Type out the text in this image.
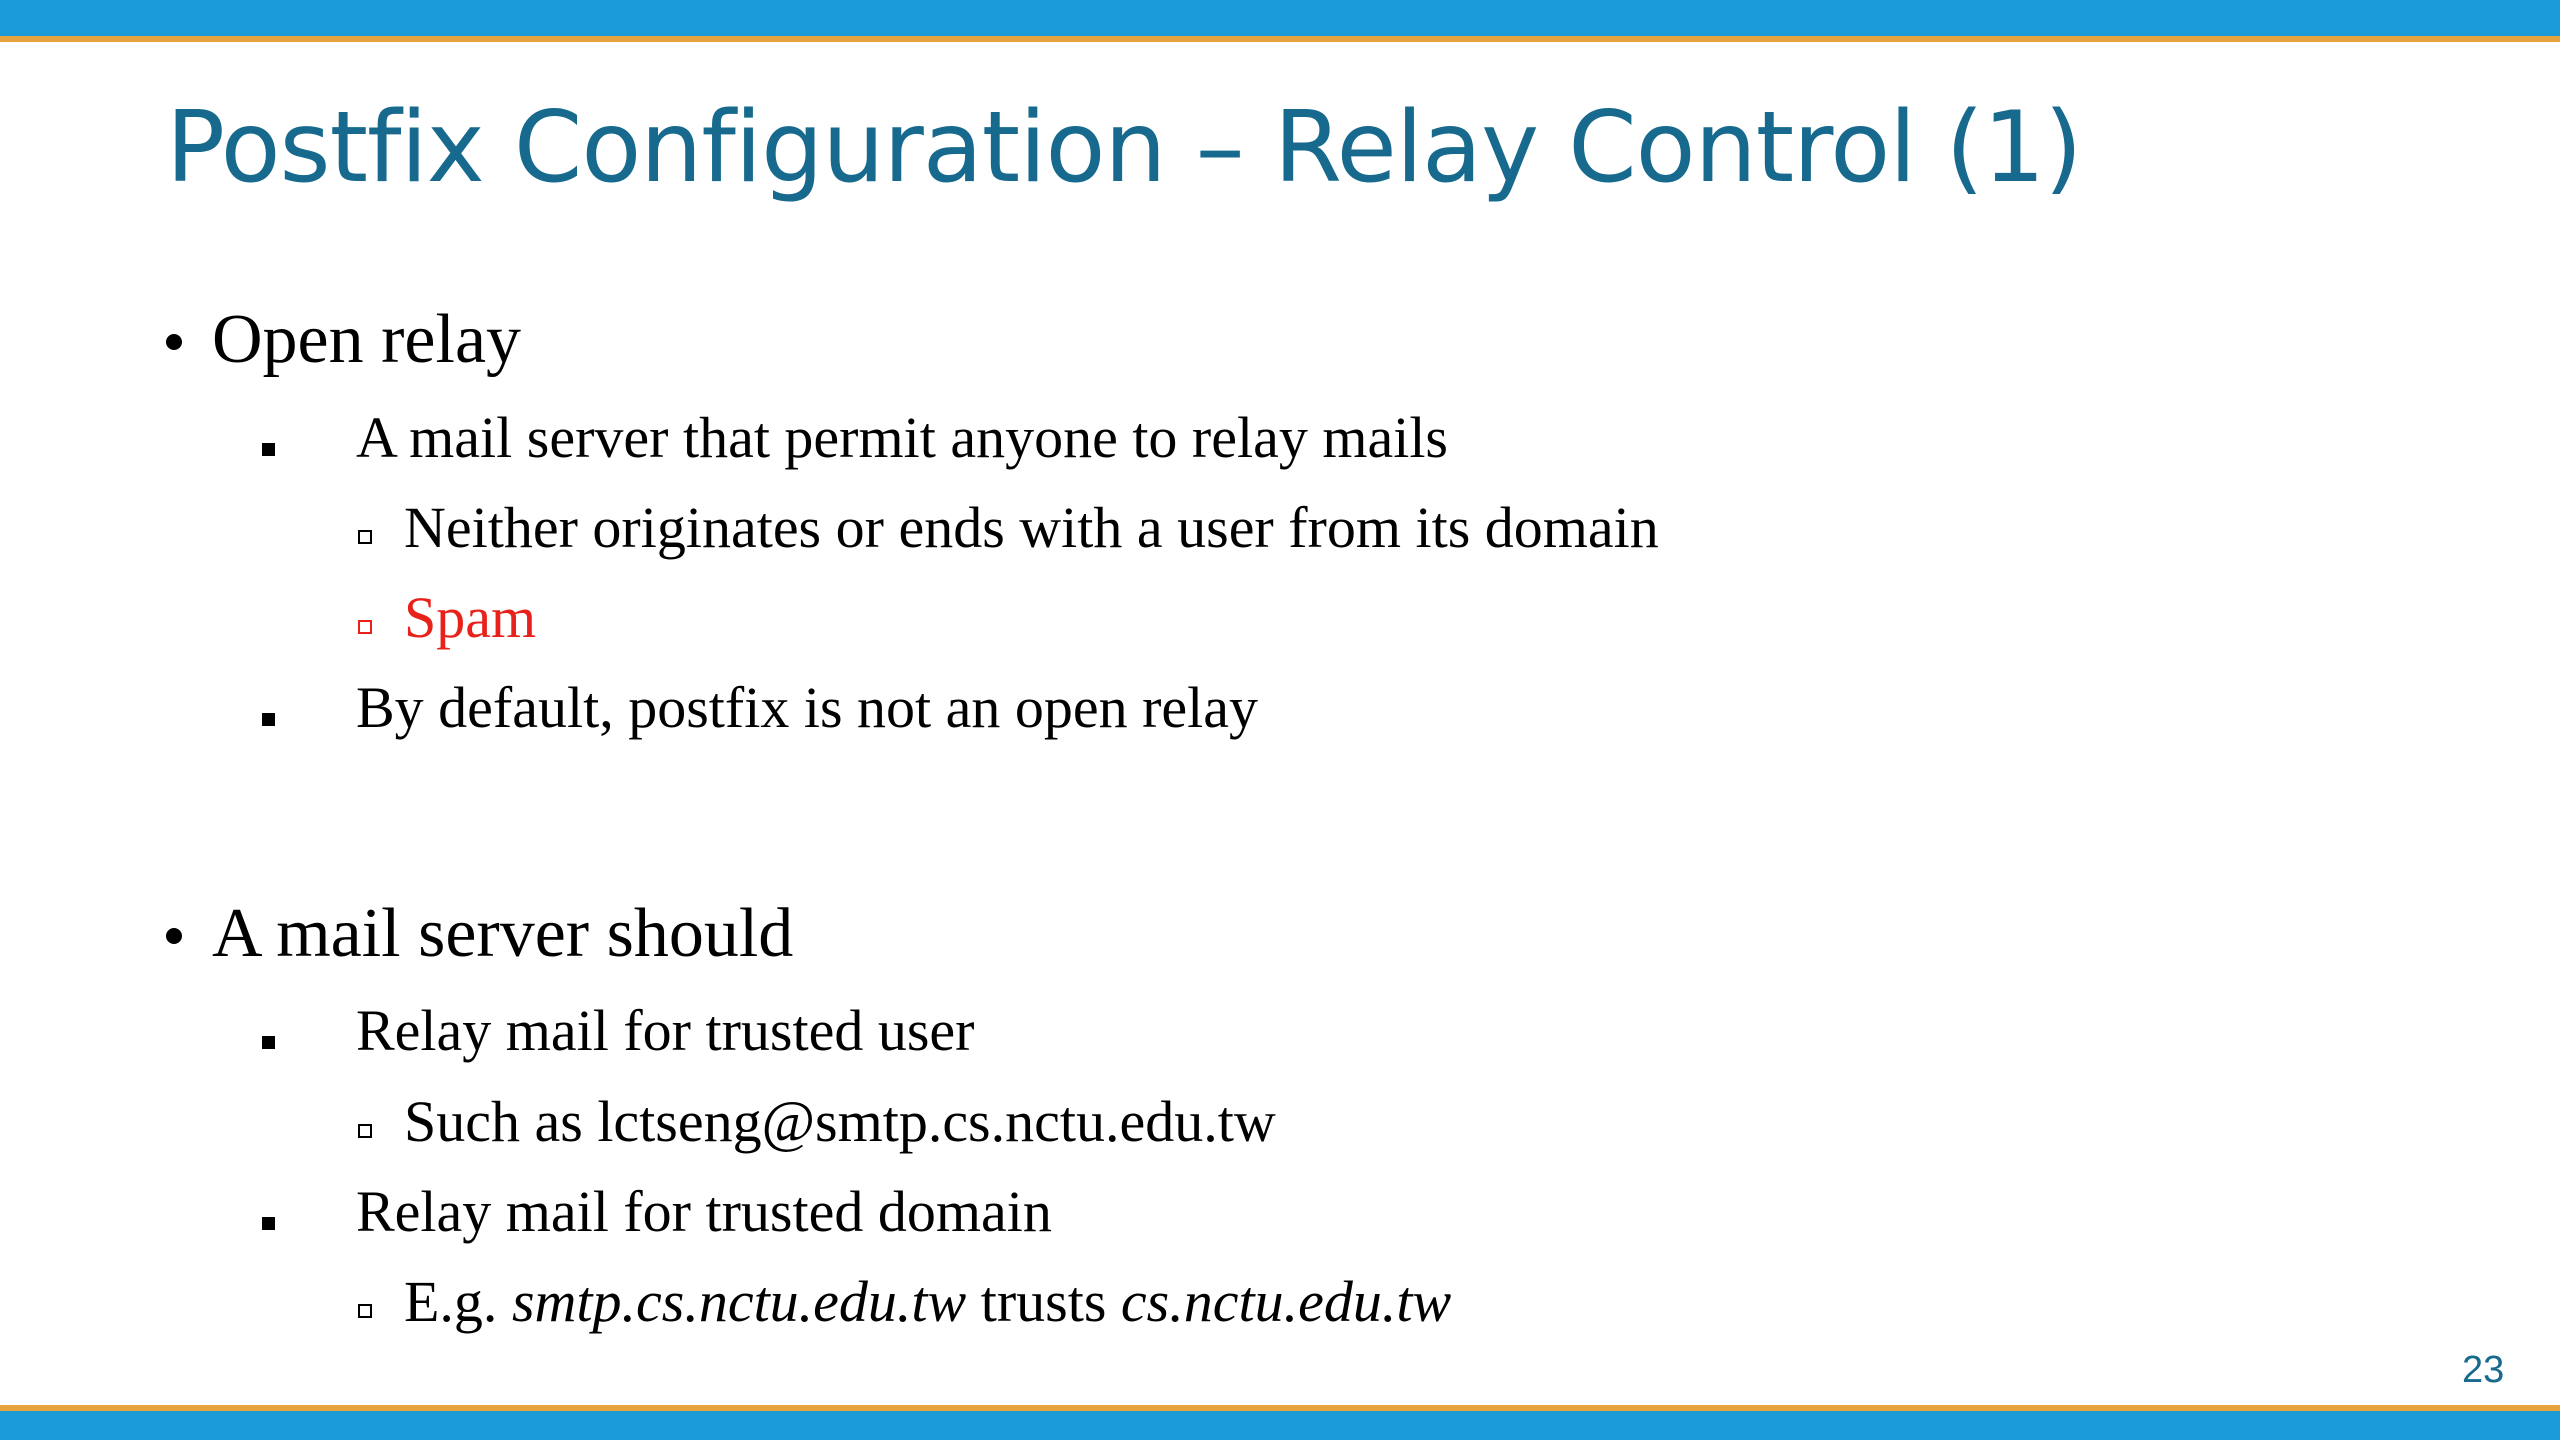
Postfix Configuration – Relay Control (1)
Open relay
A mail server that permit anyone to relay mails
Neither originates or ends with a user from its domain
Spam
By default, postfix is not an open relay
A mail server should
Relay mail for trusted user
Such as lctseng@smtp.cs.nctu.edu.tw
Relay mail for trusted domain
E.g. smtp.cs.nctu.edu.tw trusts cs.nctu.edu.tw
23
